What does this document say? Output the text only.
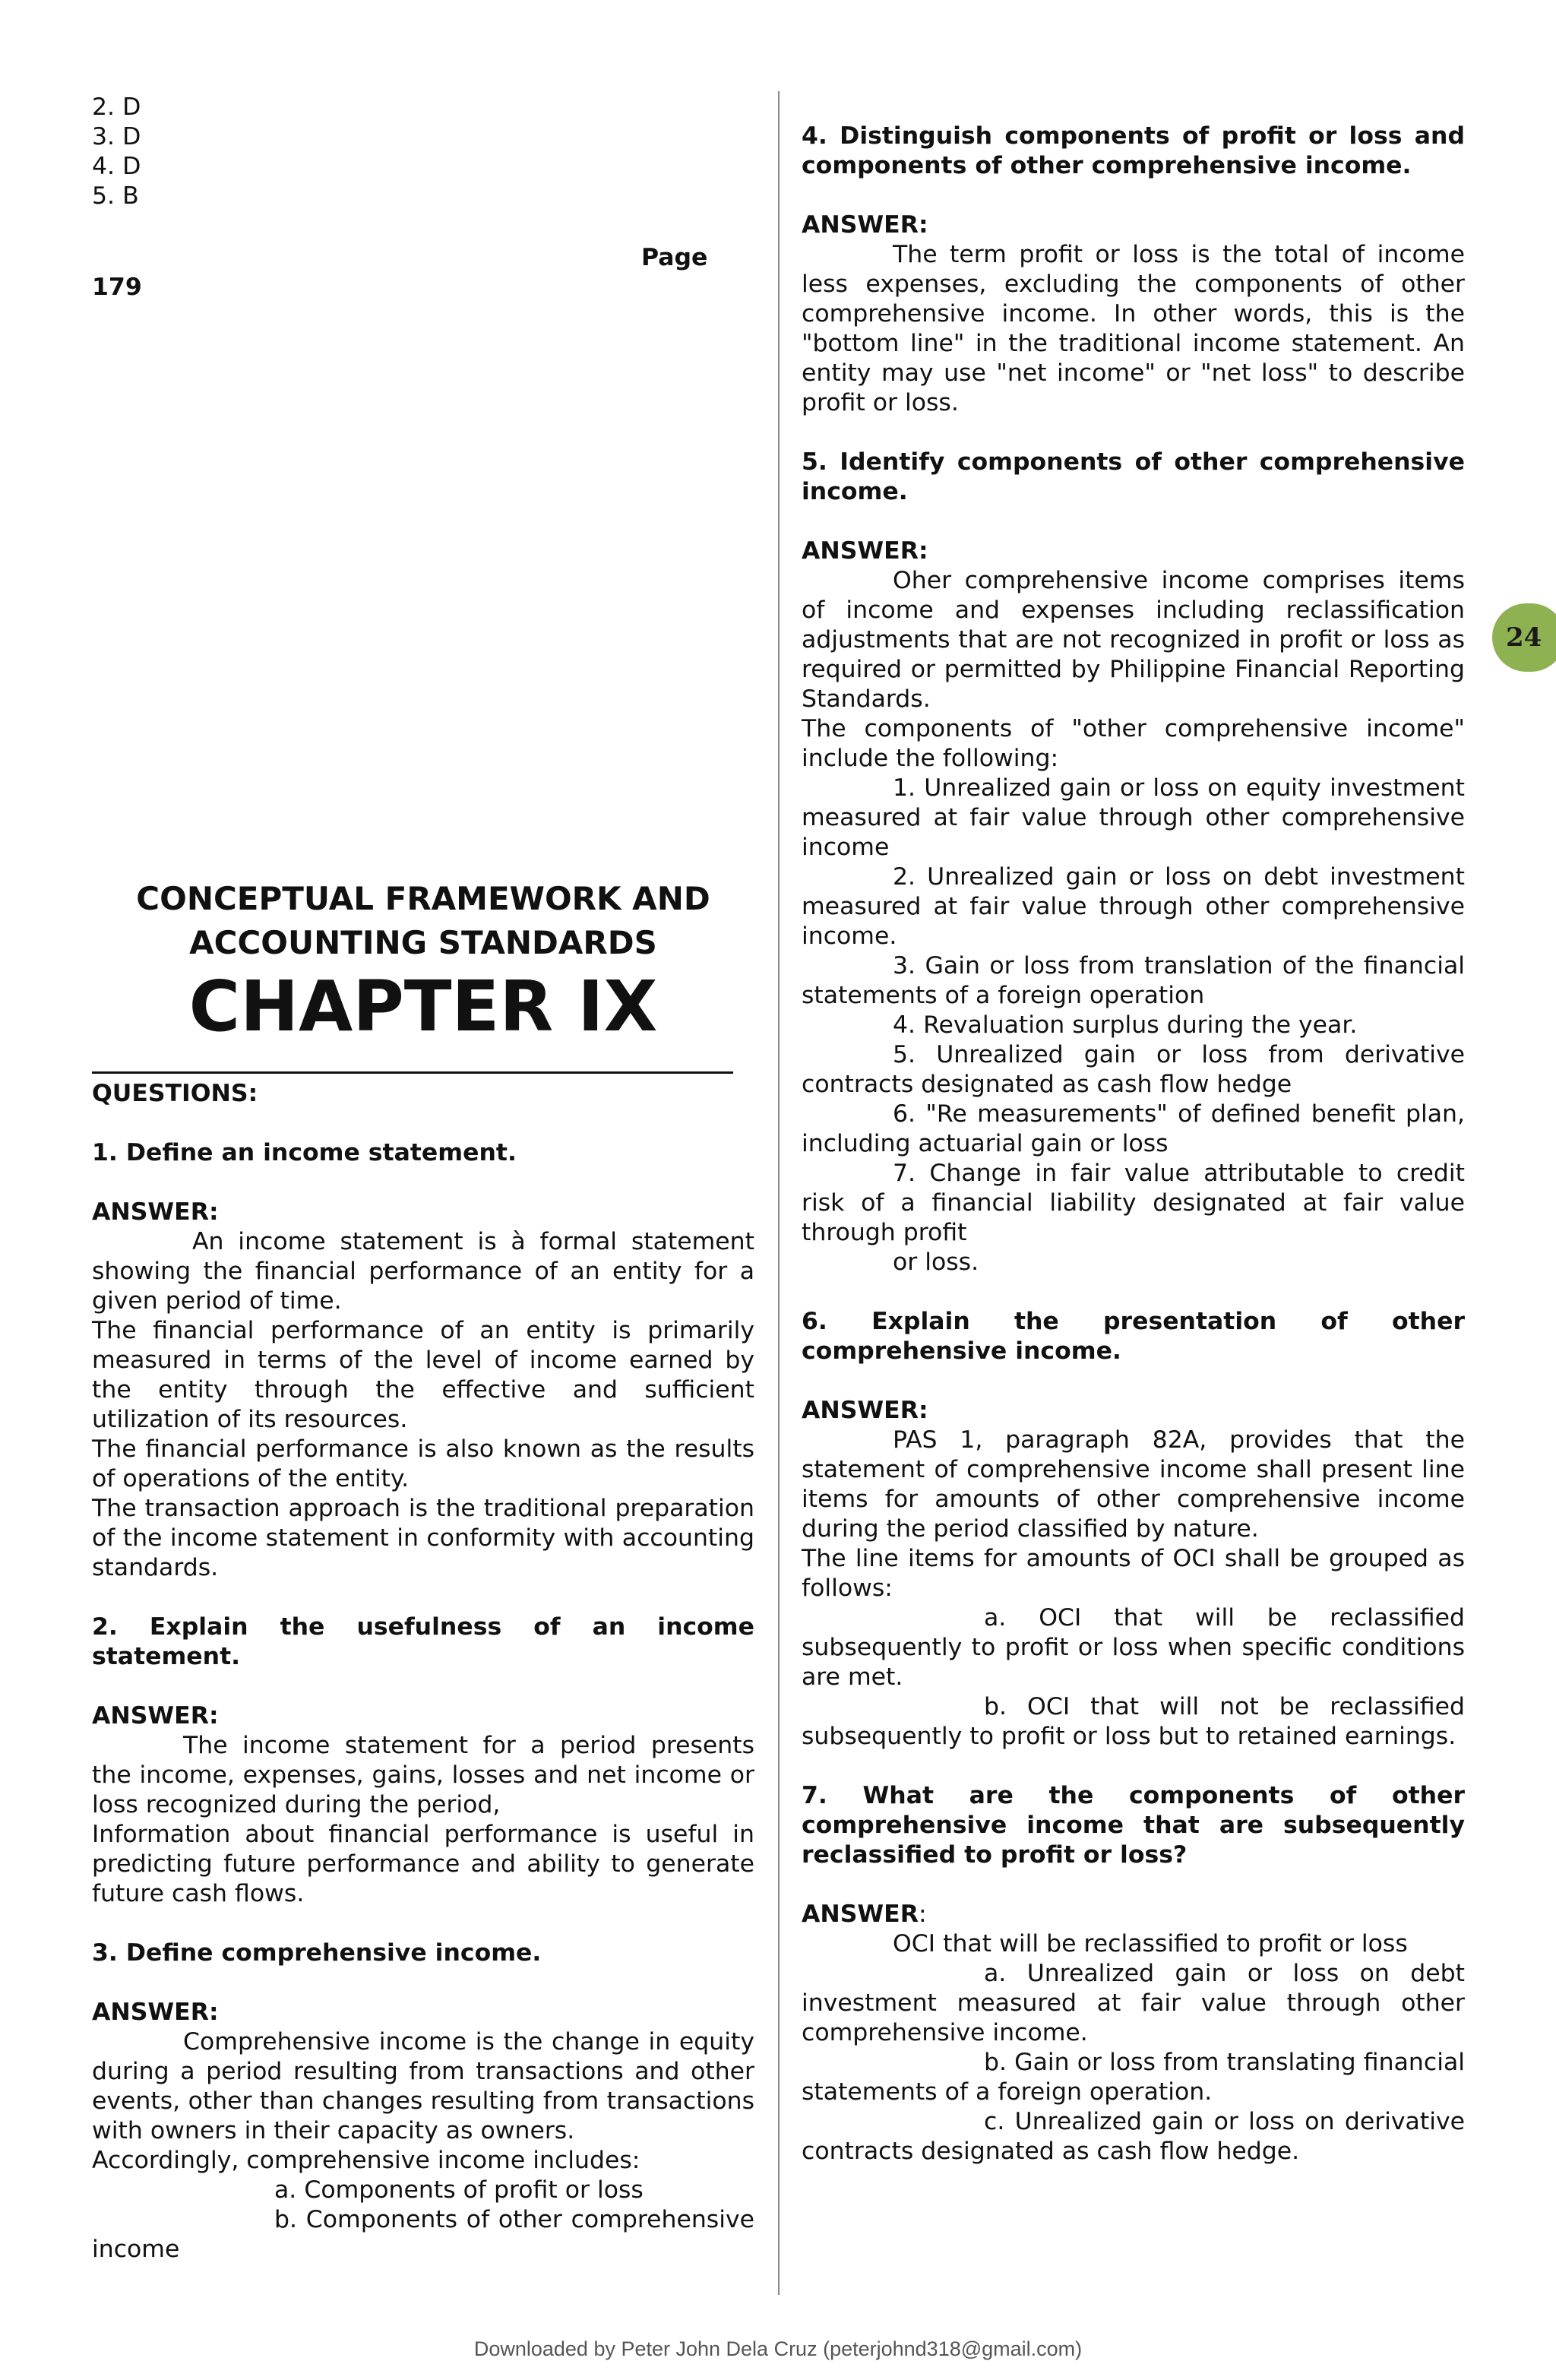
2. D

3. D

4. D

5. B

Page
179
CONCEPTUAL FRAMEWORK AND
ACCOUNTING STANDARDS
CHAPTER IX

QUESTIONS:

1. Define an income statement.

ANSWER:

An income statement is à formal statement showing the financial performance of an entity for a given period of time.

The financial performance of an entity is primarily measured in terms of the level of income earned by the entity through the effective and sufficient utilization of its resources.

The financial performance is also known as the results of operations of the entity.

The transaction approach is the traditional preparation of the income statement in conformity with accounting standards.

2. Explain the usefulness of an income statement.

ANSWER:

The income statement for a period presents the income, expenses, gains, losses and net income or loss recognized during the period,

Information about financial performance is useful in predicting future performance and ability to generate future cash flows.

3. Define comprehensive income.

ANSWER:

Comprehensive income is the change in equity during a period resulting from transactions and other events, other than changes resulting from transactions with owners in their capacity as owners.

Accordingly, comprehensive income includes:

a. Components of profit or loss

b. Components of other comprehensive income

4. Distinguish components of profit or loss and components of other comprehensive income.

ANSWER:

The term profit or loss is the total of income less expenses, excluding the components of other comprehensive income. In other words, this is the "bottom line" in the traditional income statement. An entity may use "net income" or "net loss" to describe profit or loss.

5. Identify components of other comprehensive income.

ANSWER:

Oher comprehensive income comprises items of income and expenses including reclassification adjustments that are not recognized in profit or loss as required or permitted by Philippine Financial Reporting Standards.

The components of "other comprehensive income" include the following:

1. Unrealized gain or loss on equity investment measured at fair value through other comprehensive income

2. Unrealized gain or loss on debt investment measured at fair value through other comprehensive income.

3. Gain or loss from translation of the financial statements of a foreign operation

4. Revaluation surplus during the year.

5. Unrealized gain or loss from derivative contracts designated as cash flow hedge

6. "Re measurements" of defined benefit plan, including actuarial gain or loss

7. Change in fair value attributable to credit risk of a financial liability designated at fair value through profit

or loss.

6. Explain the presentation of other comprehensive income.

ANSWER:

PAS 1, paragraph 82A, provides that the statement of comprehensive income shall present line items for amounts of other comprehensive income during the period classified by nature.

The line items for amounts of OCI shall be grouped as follows:

a. OCI that will be reclassified subsequently to profit or loss when specific conditions are met.

b. OCI that will not be reclassified subsequently to profit or loss but to retained earnings.

7. What are the components of other comprehensive income that are subsequently reclassified to profit or loss?

ANSWER:

OCI that will be reclassified to profit or loss

a. Unrealized gain or loss on debt investment measured at fair value through other comprehensive income.

b. Gain or loss from translating financial statements of a foreign operation.

c. Unrealized gain or loss on derivative contracts designated as cash flow hedge.

24
Downloaded by Peter John Dela Cruz (peterjohnd318@gmail.com)
